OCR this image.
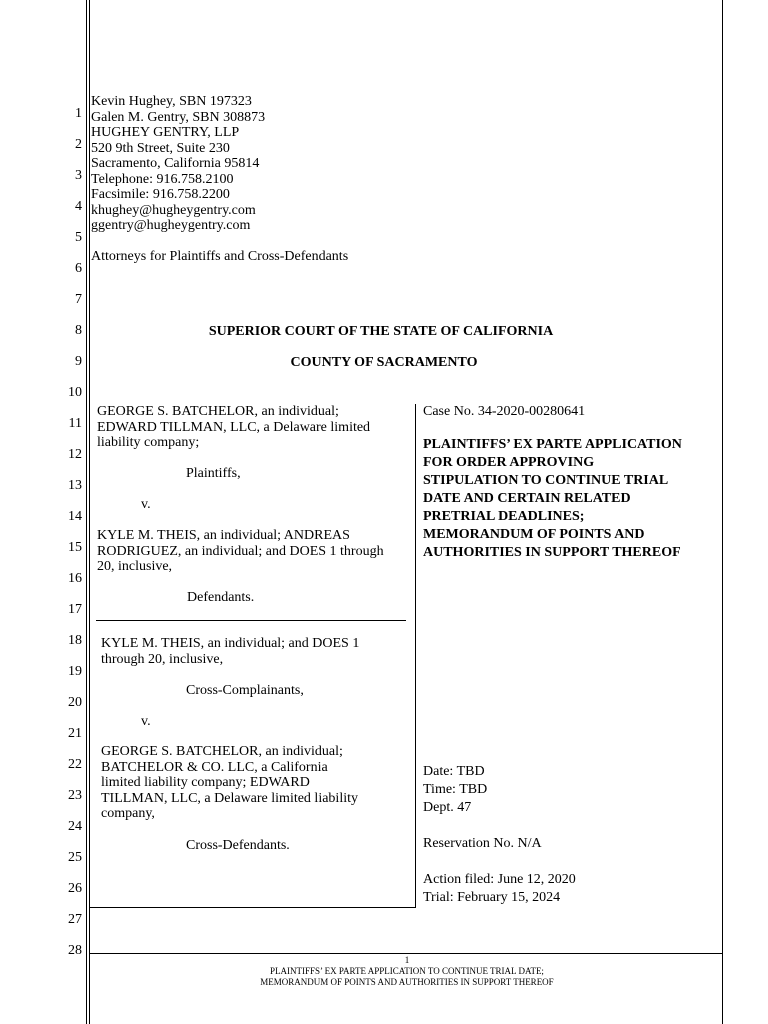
1
2
3
4
5
6
7
8
9
10
11
12
13
14
15
16
17
18
19
20
21
22
23
24
25
26
27
28
Kevin Hughey, SBN 197323
Galen M. Gentry, SBN 308873
HUGHEY GENTRY, LLP
520 9th Street, Suite 230
Sacramento, California 95814
Telephone: 916.758.2100
Facsimile: 916.758.2200
khughey@hugheygentry.com
ggentry@hugheygentry.com
Attorneys for Plaintiffs and Cross-Defendants
SUPERIOR COURT OF THE STATE OF CALIFORNIA
COUNTY OF SACRAMENTO
GEORGE S. BATCHELOR, an individual;
EDWARD TILLMAN, LLC, a Delaware limited
liability company;
Plaintiffs,
v.
KYLE M. THEIS, an individual; ANDREAS
RODRIGUEZ, an individual; and DOES 1 through
20, inclusive,
Defendants.
KYLE M. THEIS, an individual; and DOES 1
through 20, inclusive,
Cross-Complainants,
v.
GEORGE S. BATCHELOR, an individual;
BATCHELOR & CO. LLC, a California
limited liability company; EDWARD
TILLMAN, LLC, a Delaware limited liability
company,
Cross-Defendants.
Case No. 34-2020-00280641
PLAINTIFFS’ EX PARTE APPLICATION
FOR ORDER APPROVING
STIPULATION TO CONTINUE TRIAL
DATE AND CERTAIN RELATED
PRETRIAL DEADLINES;
MEMORANDUM OF POINTS AND
AUTHORITIES IN SUPPORT THEREOF
Date: TBD
Time: TBD
Dept. 47
Reservation No. N/A
Action filed: June 12, 2020
Trial: February 15, 2024
1
PLAINTIFFS’ EX PARTE APPLICATION TO CONTINUE TRIAL DATE;
MEMORANDUM OF POINTS AND AUTHORITIES IN SUPPORT THEREOF
